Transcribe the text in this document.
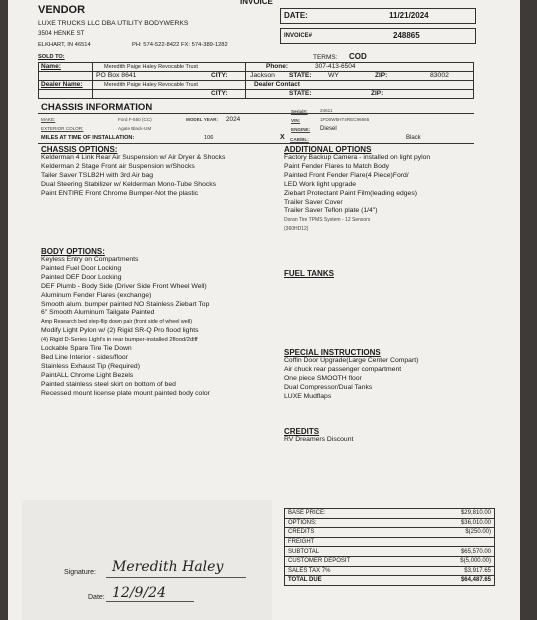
INVOICE
VENDOR
LUXE TRUCKS LLC DBA UTILITY BODYWERKS
3504 HENKE ST
ELKHART, IN 46514	PH: 574-522-8422 FX: 574-389-1282
DATE:	11/21/2024
INVOICE#	248865
SOLD TO:	TERMS: COD
Name:	Meredith Paige Haley Revocable Trust	Phone:	307-413-6504
PO Box 8641	CITY:	Jackson STATE: WY	ZIP:	83002
Dealer Name:	Meredith Paige Haley Revocable Trust	Dealer Contact
CITY:	STATE:	ZIP:
CHASSIS INFORMATION
MAKE:	Ford F-550 (CC)	MODEL YEAR: 2024
Serial#:	24611
VIN:	1FD0W5HT4REC96665
EXTERIOR COLOR:	Agate Black-UM	ENGINE: Diesel
MILES AT TIME OF INSTALLATION:	106	X CAB/BL:	Black
CHASSIS OPTIONS:
Kelderman 4 Link Rear Air Suspension w/ Air Dryer & Shocks
Kelderman 2 Stage Front air Suspension w/Shocks
Tailer Saver TSLB2H with 3rd Air bag
Dual Steering Stabilizer w/ Kelderman Mono-Tube Shocks
Paint ENTIRE Front Chrome Bumper-Not the plastic
ADDITIONAL OPTIONS
Factory Backup Camera - installed on light pylon
Paint Fender Flares to Match Body
Painted Front Fender Flare(4 Piece)Ford/
LED Work light upgrade
Ziebart Protectant Paint Film(leading edges)
Trailer Saver Cover
Trailer Saver Teflon plate (1/4")
Doran Tire TPMS System - 12 Sensors
(360HD12)
BODY OPTIONS:
Keyless Entry on Compartments
Painted Fuel Door Locking
Painted DEF Door Locking
DEF Plumb - Body Side (Driver Side Front Wheel Well)
Aluminum Fender Flares (exchange)
Smooth alum. bumper painted NO Stainless Ziebart Top
6" Smooth Aluminum Tailgate Painted
Amp Research bed step-flip down pair (front side of wheel well)
Modify Light Pylon w/ (2) Rigid SR-Q Pro flood lights
(4) Rigid D-Series Light's in rear bumper-installed 2flood/2diff
Lockable Spare Tire Tie Down
Bed Line Interior - sides/floor
Stainless Exhaust Tip (Required)
PaintALL Chrome Light Bezels
Painted stainless steel skirt on bottom of bed
Recessed mount license plate mount painted body color
FUEL TANKS
SPECIAL INSTRUCTIONS
Coffin Door Upgrade(Large Center Compart)
Air chuck rear passenger compartment
One piece SMOOTH floor
Dual Compressor/Dual Tanks
LUXE Mudflaps
CREDITS
RV Dreamers Discount
Signature: Meredith Haley
Date: 12/9/24
BASE PRICE:	$29,810.00
OPTIONS:	$36,010.00
CREDITS	$(250.00)
FREIGHT
SUBTOTAL	$65,570.00
CUSTOMER DEPOSIT	$(5,000.00)
SALES TAX 7%	$3,917.65
TOTAL DUE	$64,487.65
